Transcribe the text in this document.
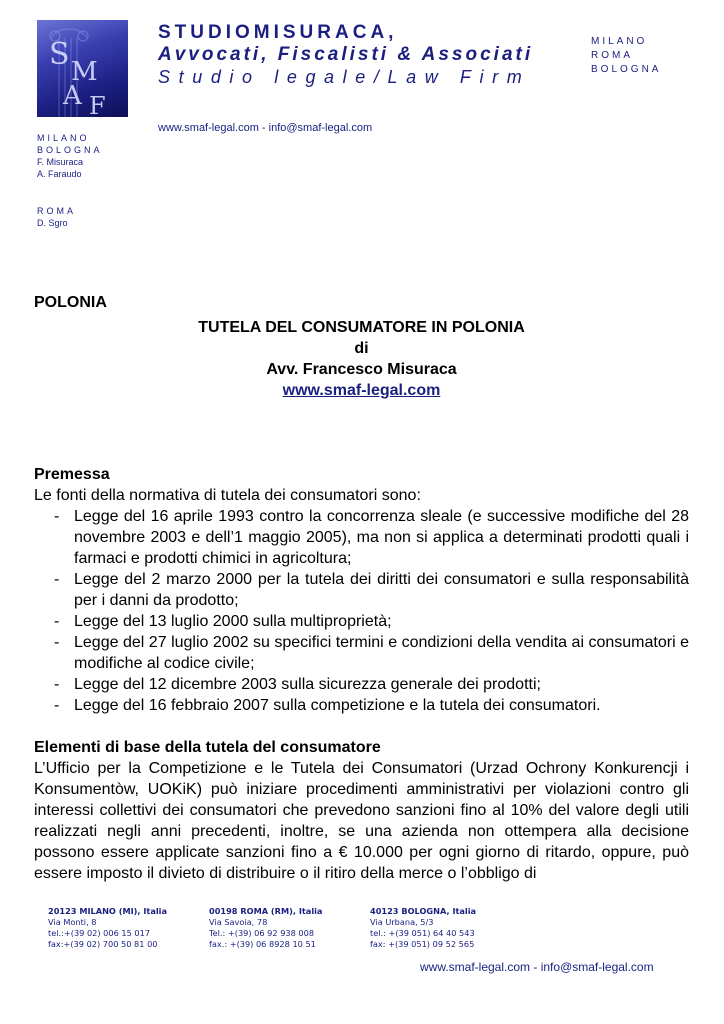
S M
A F
STUDIOMISURACA,
Avvocati, Fiscalisti & Associati
Studio legale/Law Firm
www.smaf-legal.com - info@smaf-legal.com
MILANO
ROMA
BOLOGNA
MILANO
BOLOGNA
F. Misuraca
A. Faraudo
ROMA
D. Sgro
POLONIA
TUTELA DEL CONSUMATORE IN POLONIA
di
Avv. Francesco Misuraca
www.smaf-legal.com

Premessa

Le fonti della normativa di tutela dei consumatori sono:

- Legge del 16 aprile 1993 contro la concorrenza sleale (e successive modifiche del 28 novembre 2003 e dell’1 maggio 2005), ma non si applica a determinati prodotti quali i farmaci e prodotti chimici in agricoltura;
- Legge del 2 marzo 2000 per la tutela dei diritti dei consumatori e sulla responsabilità per i danni da prodotto;
- Legge del 13 luglio 2000 sulla multiproprietà;
- Legge del 27 luglio 2002 su specifici termini e condizioni della vendita ai consumatori e modifiche al codice civile;
- Legge del 12 dicembre 2003 sulla sicurezza generale dei prodotti;
- Legge del 16 febbraio 2007 sulla competizione e la tutela dei consumatori.

Elementi di base della tutela del consumatore

L’Ufficio per la Competizione e le Tutela dei Consumatori (Urzad Ochrony Konkurencji i Konsumentòw, UOKiK) può iniziare procedimenti amministrativi per violazioni contro gli interessi collettivi dei consumatori che prevedono sanzioni fino al 10% del valore degli utili realizzati negli anni precedenti, inoltre, se una azienda non ottemperа alla decisione possono essere applicate sanzioni fino a € 10.000 per ogni giorno di ritardo, oppure, può essere imposto il divieto di distribuire o il ritiro della merce o l’obbligo di

20123 MILANO (MI), Italia
Via Monti, 8
tel.:+(39 02) 006 15 017
fax:+(39 02) 700 50 81 00
00198 ROMA (RM), Italia
Via Savoia, 78
Tel.: +(39) 06 92 938 008
fax.: +(39) 06 8928 10 51
40123 BOLOGNA, Italia
Via Urbana, 5/3
tel.: +(39 051) 64 40 543
fax: +(39 051) 09 52 565
www.smaf-legal.com - info@smaf-legal.com
